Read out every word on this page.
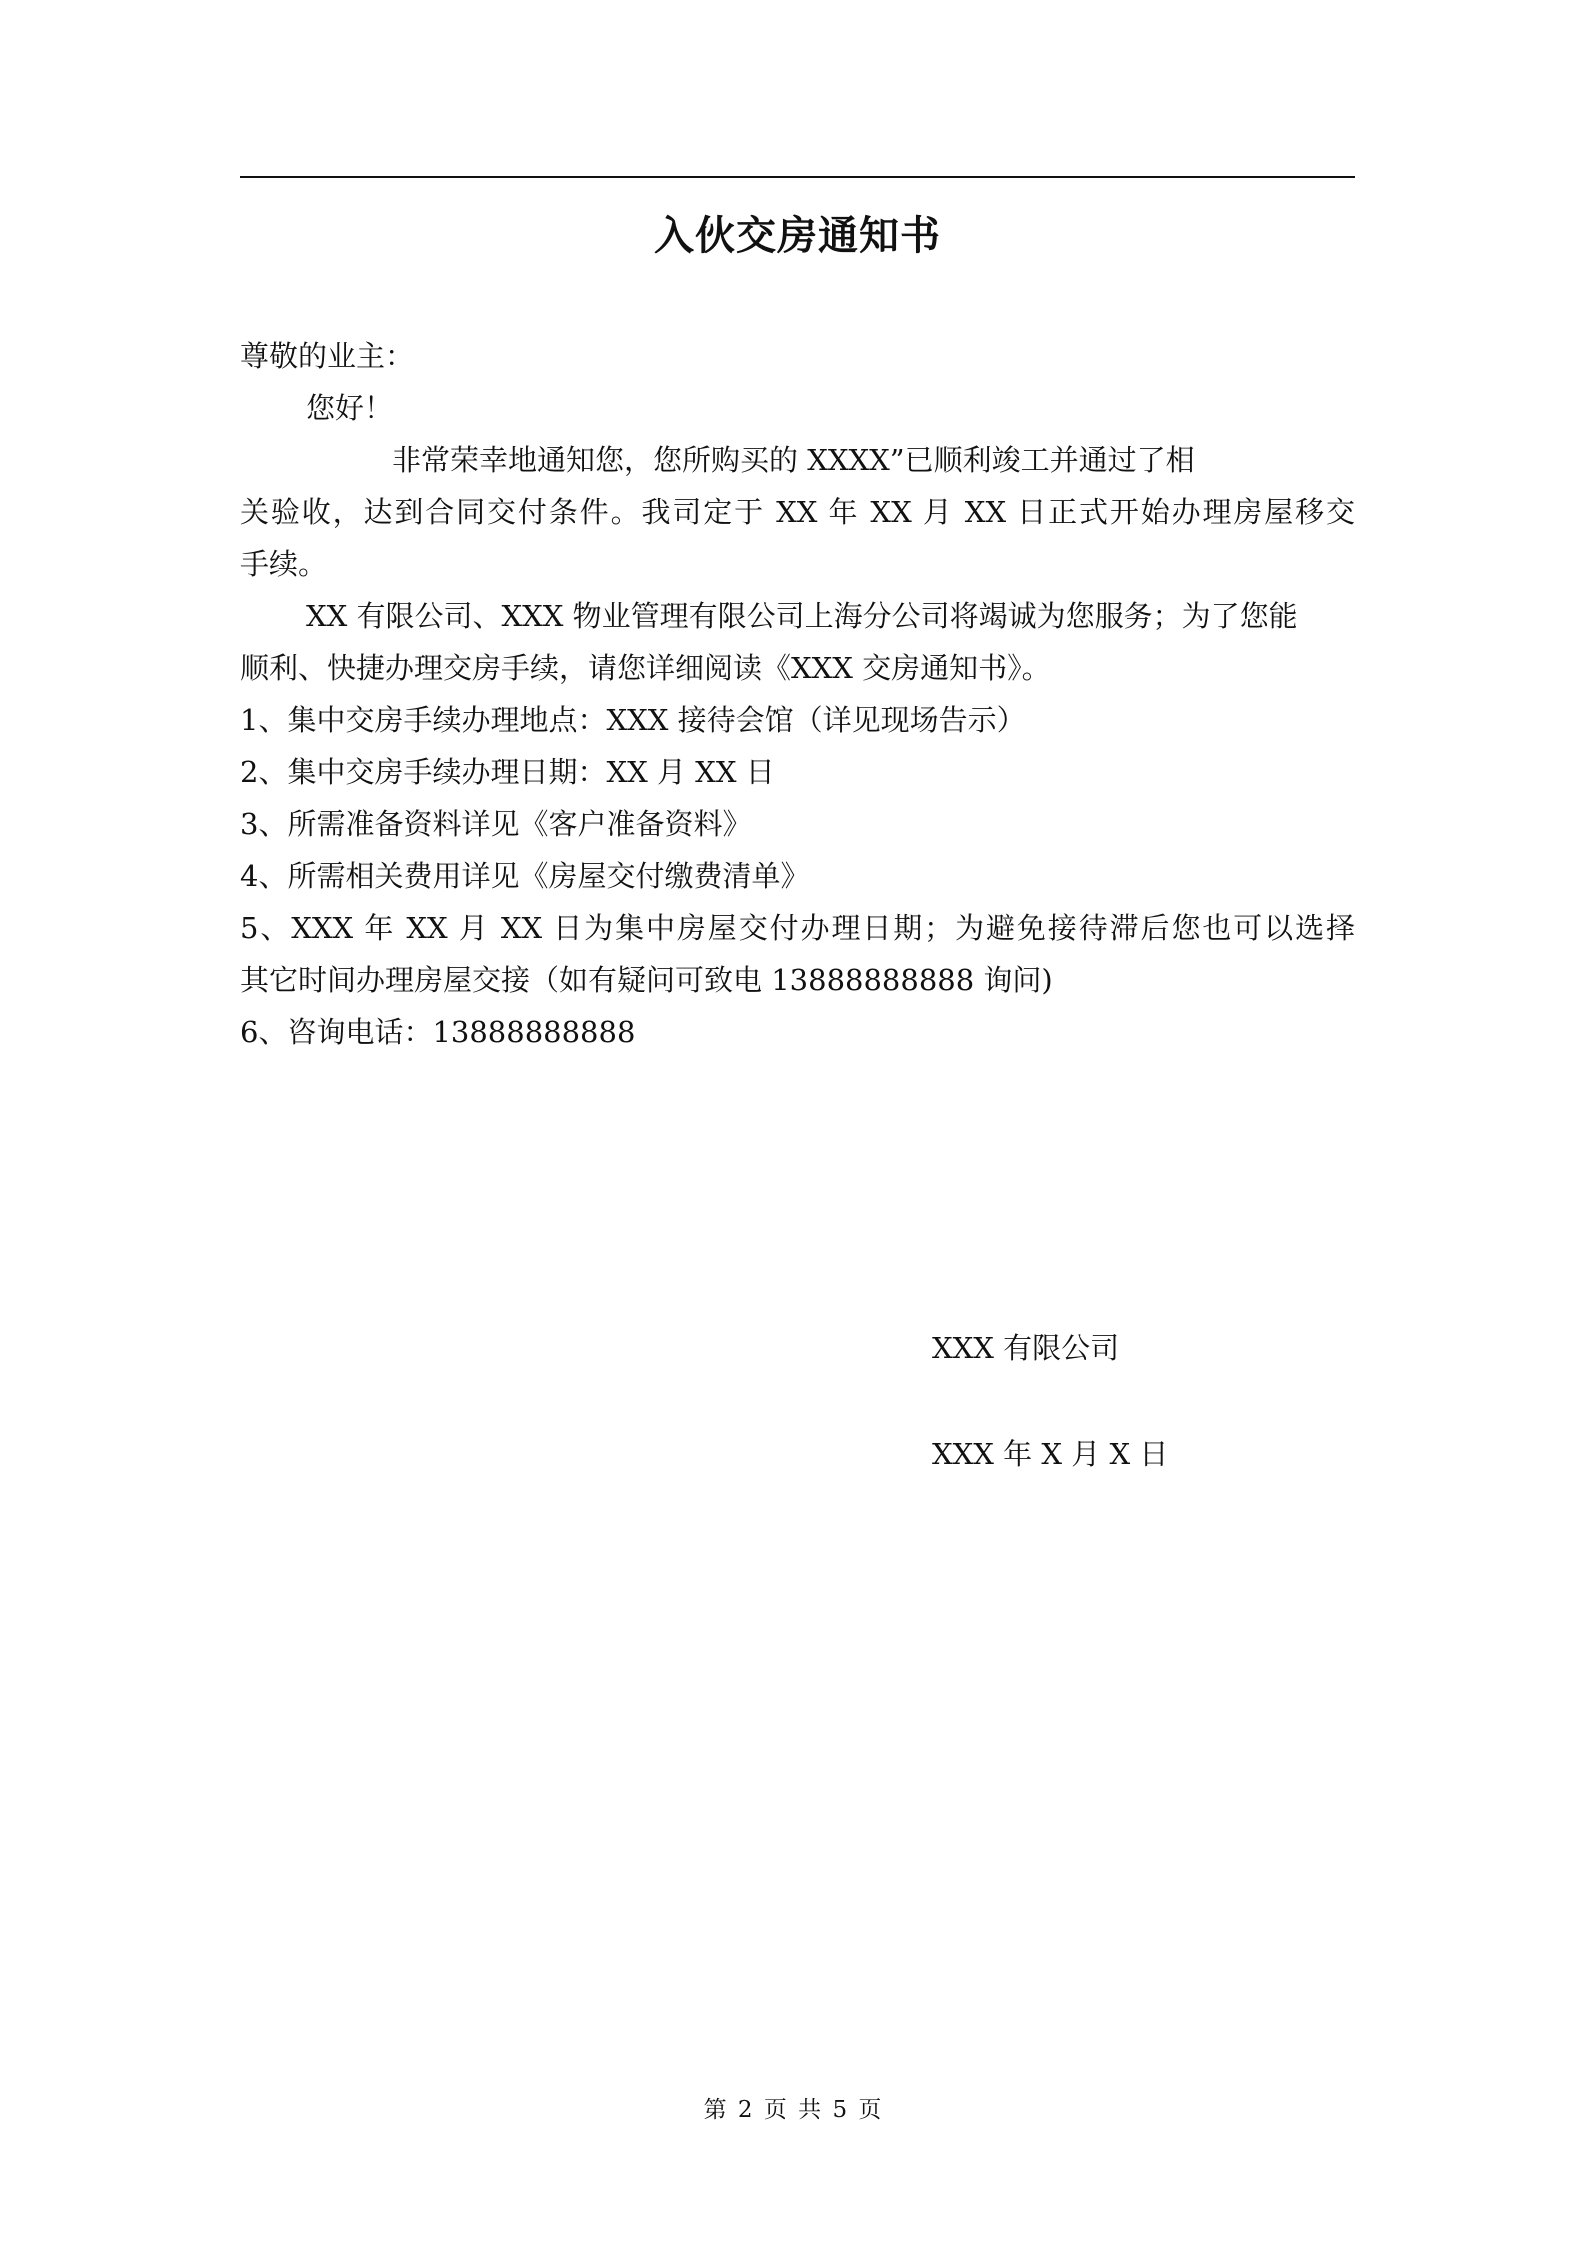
入伙交房通知书
尊敬的业主：
您好！
非常荣幸地通知您，您所购买的 XXXX”已顺利竣工并通过了相
关验收，达到合同交付条件。我司定于 XX 年 XX 月 XX 日正式开始办理房屋移交
手续。
XX 有限公司、XXX 物业管理有限公司上海分公司将竭诚为您服务；为了您能
顺利、快捷办理交房手续，请您详细阅读《XXX 交房通知书》。
1、集中交房手续办理地点：XXX 接待会馆（详见现场告示）
2、集中交房手续办理日期：XX 月 XX 日
3、所需准备资料详见《客户准备资料》
4、所需相关费用详见《房屋交付缴费清单》
5、XXX 年 XX 月 XX 日为集中房屋交付办理日期；为避免接待滞后您也可以选择
其它时间办理房屋交接（如有疑问可致电 13888888888 询问)
6、咨询电话：13888888888
XXX 有限公司
XXX 年 X 月 X 日
第 2 页 共 5 页
